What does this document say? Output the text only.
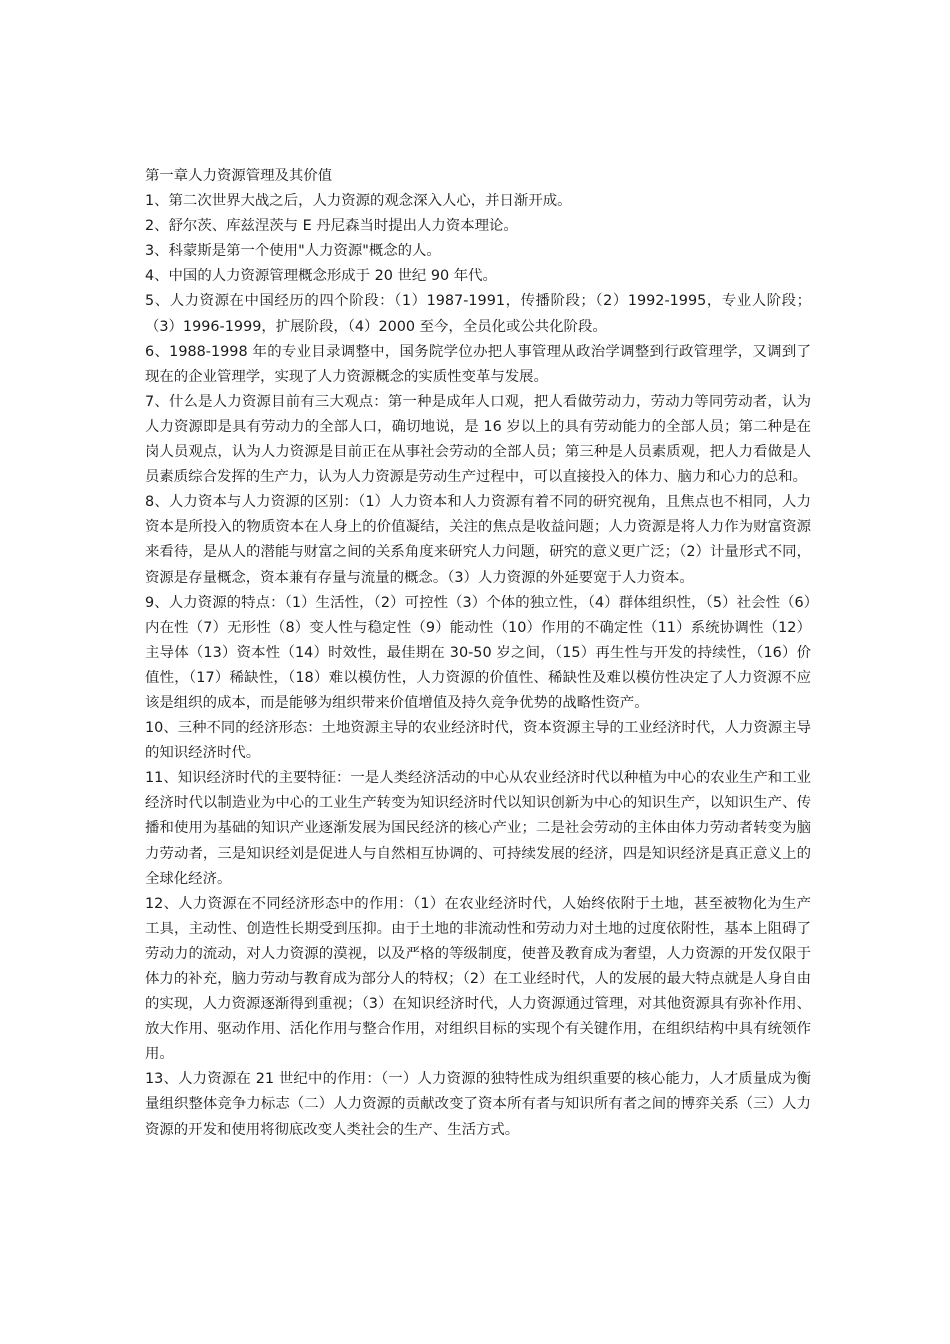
第一章人力资源管理及其价值

1、第二次世界大战之后，人力资源的观念深入人心，并日渐开成。

2、舒尔茨、库兹涅茨与 E 丹尼森当时提出人力资本理论。

3、科蒙斯是第一个使用"人力资源"概念的人。

4、中国的人力资源管理概念形成于 20 世纪 90 年代。

5、人力资源在中国经历的四个阶段：（1）1987-1991，传播阶段；（2）1992-1995，专业人阶段；（3）1996-1999，扩展阶段，（4）2000 至今，全员化或公共化阶段。

6、1988-1998 年的专业目录调整中，国务院学位办把人事管理从政治学调整到行政管理学，又调到了现在的企业管理学，实现了人力资源概念的实质性变革与发展。

7、什么是人力资源目前有三大观点：第一种是成年人口观，把人看做劳动力，劳动力等同劳动者，认为人力资源即是具有劳动力的全部人口，确切地说，是 16 岁以上的具有劳动能力的全部人员；第二种是在岗人员观点，认为人力资源是目前正在从事社会劳动的全部人员；第三种是人员素质观，把人力看做是人员素质综合发挥的生产力，认为人力资源是劳动生产过程中，可以直接投入的体力、脑力和心力的总和。

8、人力资本与人力资源的区别：（1）人力资本和人力资源有着不同的研究视角，且焦点也不相同，人力资本是所投入的物质资本在人身上的价值凝结，关注的焦点是收益问题；人力资源是将人力作为财富资源来看待，是从人的潜能与财富之间的关系角度来研究人力问题，研究的意义更广泛；（2）计量形式不同，资源是存量概念，资本兼有存量与流量的概念。（3）人力资源的外延要宽于人力资本。

9、人力资源的特点：（1）生活性，（2）可控性（3）个体的独立性，（4）群体组织性，（5）社会性（6）内在性（7）无形性（8）变人性与稳定性（9）能动性（10）作用的不确定性（11）系统协调性（12）主导体（13）资本性（14）时效性，最佳期在 30-50 岁之间，（15）再生性与开发的持续性，（16）价值性，（17）稀缺性，（18）难以模仿性，人力资源的价值性、稀缺性及难以模仿性决定了人力资源不应该是组织的成本，而是能够为组织带来价值增值及持久竞争优势的战略性资产。

10、三种不同的经济形态：土地资源主导的农业经济时代，资本资源主导的工业经济时代，人力资源主导的知识经济时代。

11、知识经济时代的主要特征：一是人类经济活动的中心从农业经济时代以种植为中心的农业生产和工业经济时代以制造业为中心的工业生产转变为知识经济时代以知识创新为中心的知识生产，以知识生产、传播和使用为基础的知识产业逐渐发展为国民经济的核心产业；二是社会劳动的主体由体力劳动者转变为脑力劳动者，三是知识经刘是促进人与自然相互协调的、可持续发展的经济，四是知识经济是真正意义上的全球化经济。

12、人力资源在不同经济形态中的作用：（1）在农业经济时代，人始终依附于土地，甚至被物化为生产工具，主动性、创造性长期受到压抑。由于土地的非流动性和劳动力对土地的过度依附性，基本上阻碍了劳动力的流动，对人力资源的漠视，以及严格的等级制度，使普及教育成为奢望，人力资源的开发仅限于体力的补充，脑力劳动与教育成为部分人的特权；（2）在工业经时代，人的发展的最大特点就是人身自由的实现，人力资源逐渐得到重视；（3）在知识经济时代，人力资源通过管理，对其他资源具有弥补作用、放大作用、驱动作用、活化作用与整合作用，对组织目标的实现个有关键作用，在组织结构中具有统领作用。

13、人力资源在 21 世纪中的作用：（一）人力资源的独特性成为组织重要的核心能力，人才质量成为衡量组织整体竞争力标志（二）人力资源的贡献改变了资本所有者与知识所有者之间的博弈关系（三）人力资源的开发和使用将彻底改变人类社会的生产、生活方式。
